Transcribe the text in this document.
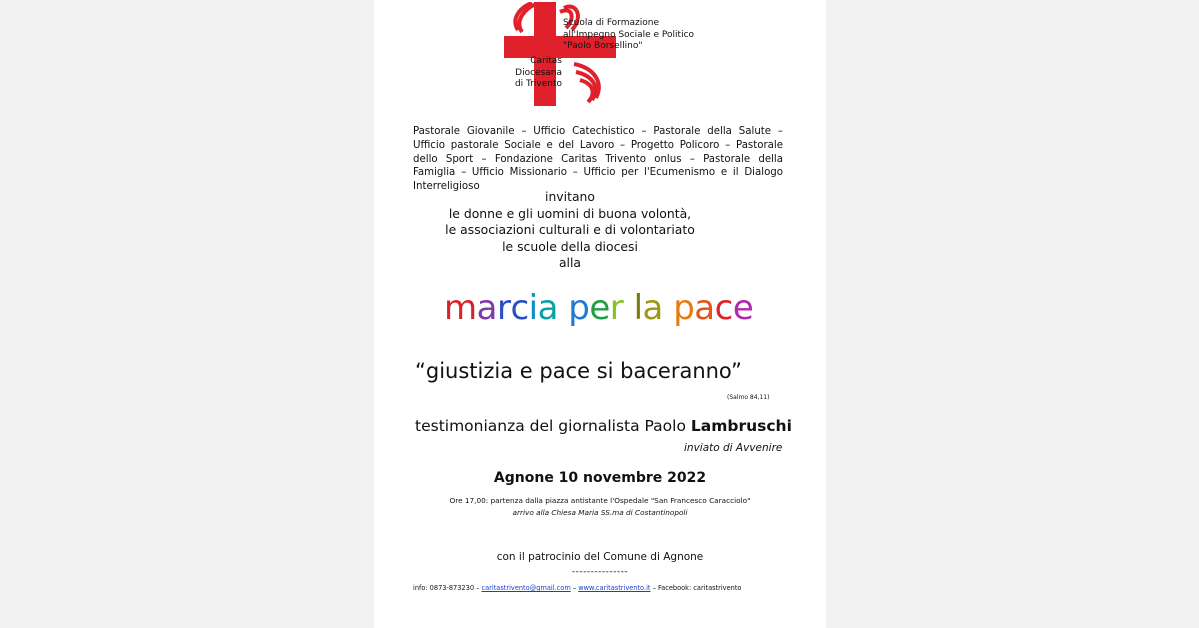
Scuola di Formazione
all'Impegno Sociale e Politico
"Paolo Borsellino"
Caritas
Diocesana
di Trivento
Pastorale Giovanile – Ufficio Catechistico – Pastorale della Salute – Ufficio pastorale Sociale e del Lavoro – Progetto Policoro – Pastorale dello Sport – Fondazione Caritas Trivento onlus – Pastorale della Famiglia – Ufficio Missionario – Ufficio per l'Ecumenismo e il Dialogo Interreligioso
invitano
le donne e gli uomini di buona volontà,
le associazioni culturali e di volontariato
le scuole della diocesi
alla
marcia per la pace
“giustizia e pace si baceranno”
(Salmo 84,11)
testimonianza del giornalista Paolo Lambruschi
inviato di Avvenire
Agnone 10 novembre 2022
Ore 17,00: partenza dalla piazza antistante l'Ospedale "San Francesco Caracciolo"
arrivo alla Chiesa Maria SS.ma di Costantinopoli
con il patrocinio del Comune di Agnone
---------------
info: 0873-873230 – caritastrivento@gmail.com – www.caritastrivento.it – Facebook: caritastrivento
